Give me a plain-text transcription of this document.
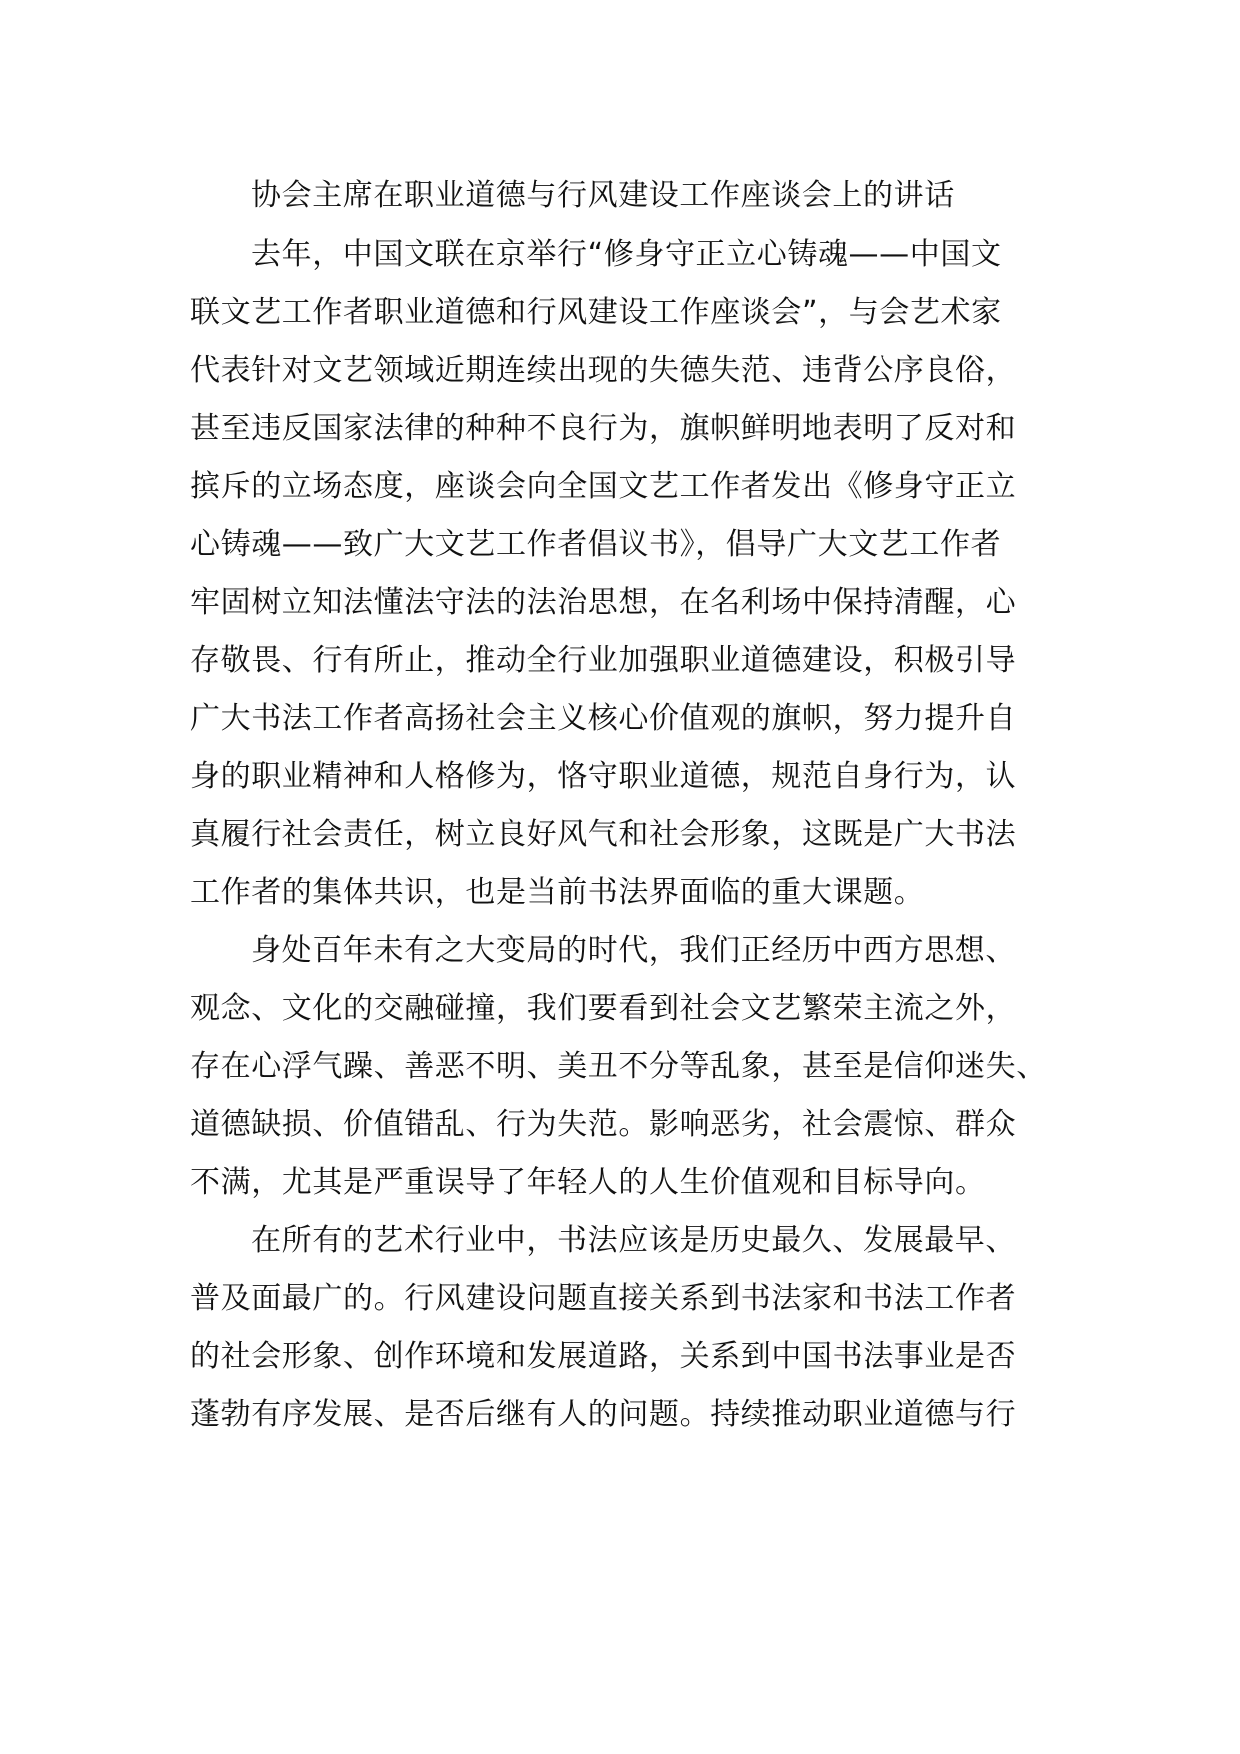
协会主席在职业道德与行风建设工作座谈会上的讲话
去年，中国文联在京举行“修身守正立心铸魂——中国文
联文艺工作者职业道德和行风建设工作座谈会”，与会艺术家
代表针对文艺领域近期连续出现的失德失范、违背公序良俗，
甚至违反国家法律的种种不良行为，旗帜鲜明地表明了反对和
摈斥的立场态度，座谈会向全国文艺工作者发出《修身守正立
心铸魂——致广大文艺工作者倡议书》，倡导广大文艺工作者
牢固树立知法懂法守法的法治思想，在名利场中保持清醒，心
存敬畏、行有所止，推动全行业加强职业道德建设，积极引导
广大书法工作者高扬社会主义核心价值观的旗帜，努力提升自
身的职业精神和人格修为，恪守职业道德，规范自身行为，认
真履行社会责任，树立良好风气和社会形象，这既是广大书法
工作者的集体共识，也是当前书法界面临的重大课题。
身处百年未有之大变局的时代，我们正经历中西方思想、
观念、文化的交融碰撞，我们要看到社会文艺繁荣主流之外，
存在心浮气躁、善恶不明、美丑不分等乱象，甚至是信仰迷失、
道德缺损、价值错乱、行为失范。影响恶劣，社会震惊、群众
不满，尤其是严重误导了年轻人的人生价值观和目标导向。
在所有的艺术行业中，书法应该是历史最久、发展最早、
普及面最广的。行风建设问题直接关系到书法家和书法工作者
的社会形象、创作环境和发展道路，关系到中国书法事业是否
蓬勃有序发展、是否后继有人的问题。持续推动职业道德与行
